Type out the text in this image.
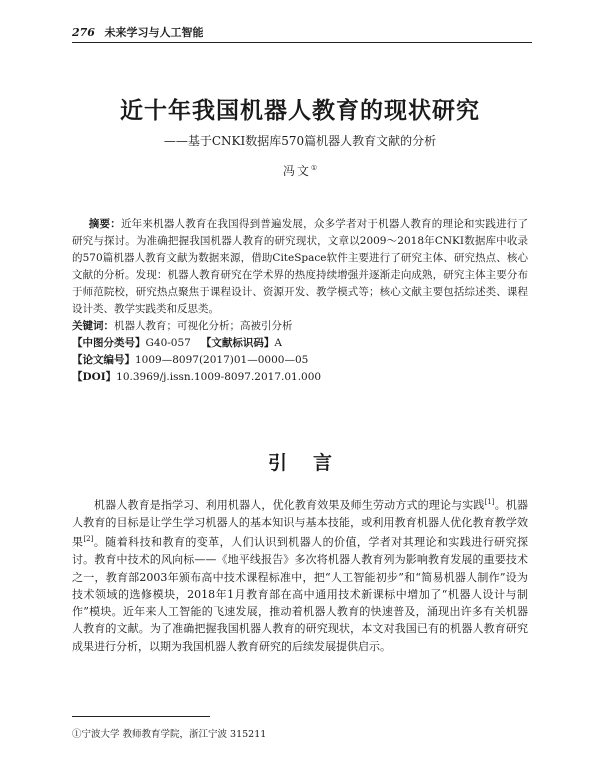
276 未来学习与人工智能
近十年我国机器人教育的现状研究
——基于CNKI数据库570篇机器人教育文献的分析
冯文①

摘要：近年来机器人教育在我国得到普遍发展，众多学者对于机器人教育的理论和实践进行了研究与探讨。为准确把握我国机器人教育的研究现状，文章以2009～2018年CNKI数据库中收录的570篇机器人教育文献为数据来源，借助CiteSpace软件主要进行了研究主体、研究热点、核心文献的分析。发现：机器人教育研究在学术界的热度持续增强并逐渐走向成熟，研究主体主要分布于师范院校，研究热点聚焦于课程设计、资源开发、教学模式等；核心文献主要包括综述类、课程设计类、教学实践类和反思类。

关键词：机器人教育；可视化分析；高被引分析

【中图分类号】G40-057 【文献标识码】A

【论文编号】1009—8097(2017)01—0000—05

【DOI】10.3969/j.issn.1009-8097.2017.01.000

引言

机器人教育是指学习、利用机器人，优化教育效果及师生劳动方式的理论与实践[1]。机器人教育的目标是让学生学习机器人的基本知识与基本技能，或利用教育机器人优化教育教学效果[2]。随着科技和教育的变革，人们认识到机器人的价值，学者对其理论和实践进行研究探讨。教育中技术的风向标——《地平线报告》多次将机器人教育列为影响教育发展的重要技术之一，教育部2003年颁布高中技术课程标准中，把“人工智能初步”和“简易机器人制作”设为技术领域的选修模块，2018年1月教育部在高中通用技术新课标中增加了“机器人设计与制作”模块。近年来人工智能的飞速发展，推动着机器人教育的快速普及，涌现出许多有关机器人教育的文献。为了准确把握我国机器人教育的研究现状，本文对我国已有的机器人教育研究成果进行分析，以期为我国机器人教育研究的后续发展提供启示。

①宁波大学 教师教育学院，浙江宁波 315211
